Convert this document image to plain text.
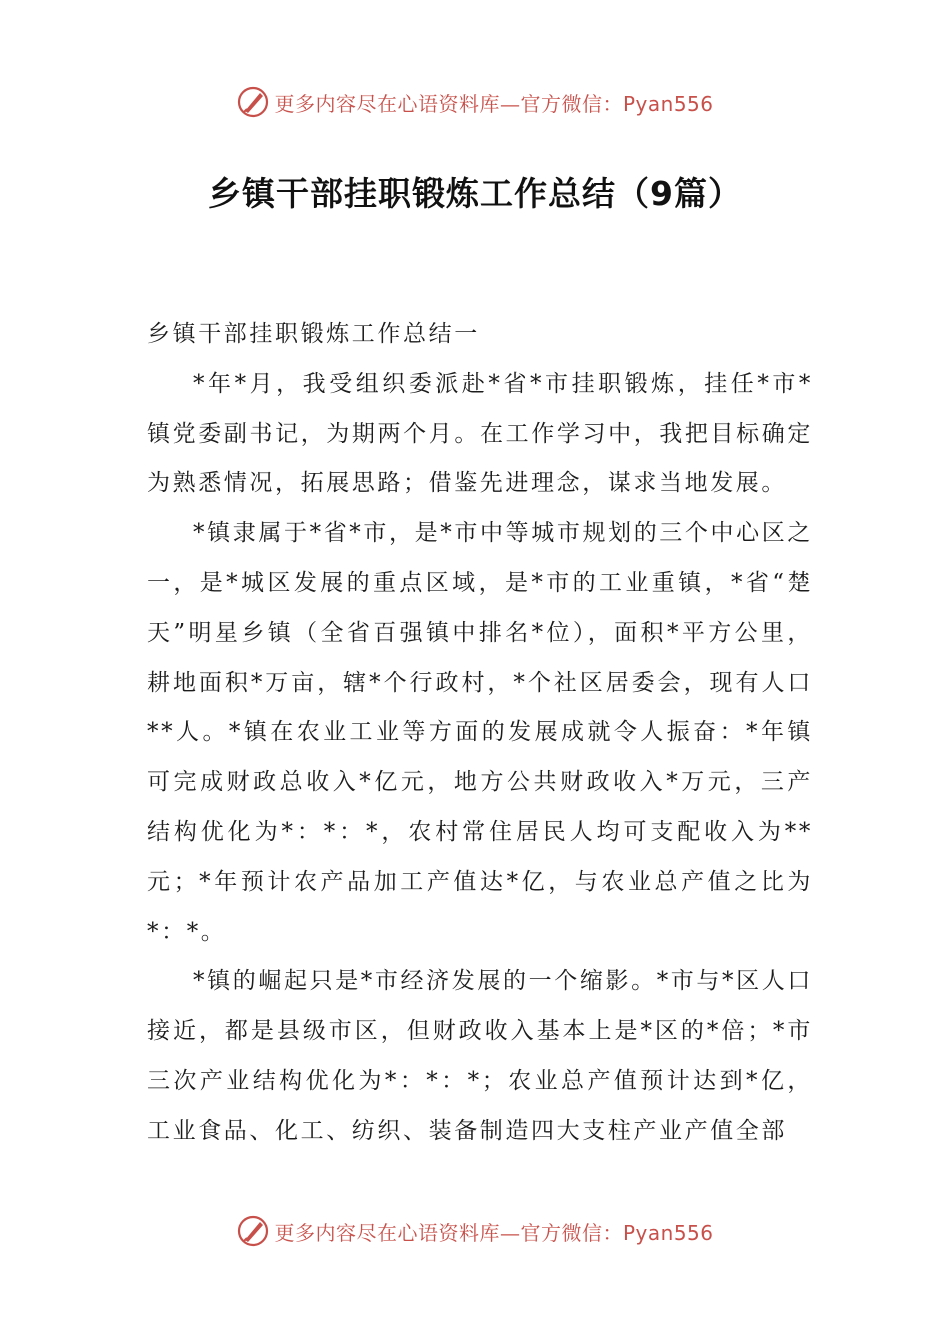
更多内容尽在心语资料库—官方微信：Pyan556
乡镇干部挂职锻炼工作总结（9篇）

乡镇干部挂职锻炼工作总结一

*年*月，我受组织委派赴*省*市挂职锻炼，挂任*市*镇党委副书记，为期两个月。在工作学习中，我把目标确定为熟悉情况，拓展思路；借鉴先进理念，谋求当地发展。

*镇隶属于*省*市，是*市中等城市规划的三个中心区之一，是*城区发展的重点区域，是*市的工业重镇，*省“楚天”明星乡镇（全省百强镇中排名*位），面积*平方公里，耕地面积*万亩，辖*个行政村，*个社区居委会，现有人口**人。*镇在农业工业等方面的发展成就令人振奋：*年镇可完成财政总收入*亿元，地方公共财政收入*万元，三产结构优化为*：*：*，农村常住居民人均可支配收入为**元；*年预计农产品加工产值达*亿，与农业总产值之比为*：*。

*镇的崛起只是*市经济发展的一个缩影。*市与*区人口接近，都是县级市区，但财政收入基本上是*区的*倍；*市三次产业结构优化为*：*：*；农业总产值预计达到*亿，工业食品、化工、纺织、装备制造四大支柱产业产值全部

更多内容尽在心语资料库—官方微信：Pyan556
